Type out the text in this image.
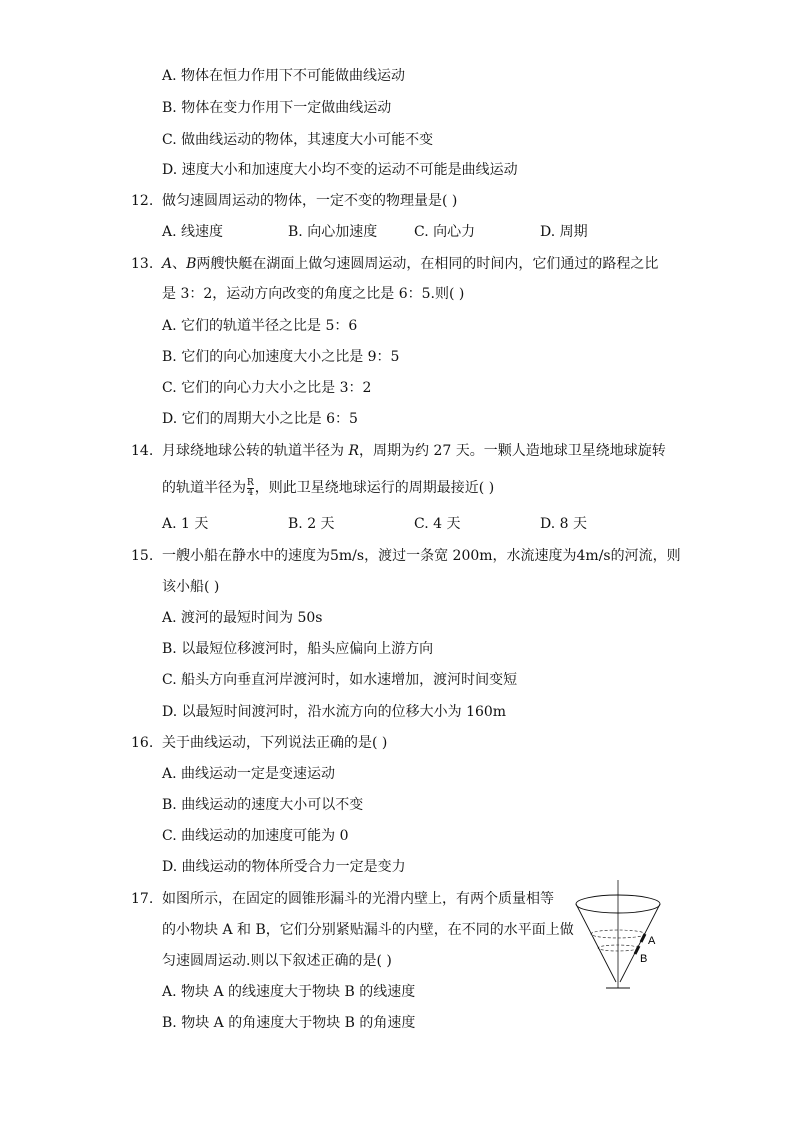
A. 物体在恒力作用下不可能做曲线运动
B. 物体在变力作用下一定做曲线运动
C. 做曲线运动的物体，其速度大小可能不变
D. 速度大小和加速度大小均不变的运动不可能是曲线运动
12. 做匀速圆周运动的物体，一定不变的物理量是( )
A. 线速度	B. 向心加速度	C. 向心力	D. 周期
13. A、B两艘快艇在湖面上做匀速圆周运动，在相同的时间内，它们通过的路程之比
是 3：2，运动方向改变的角度之比是 6：5.则( )
A. 它们的轨道半径之比是 5：6
B. 它们的向心加速度大小之比是 9：5
C. 它们的向心力大小之比是 3：2
D. 它们的周期大小之比是 6：5
14. 月球绕地球公转的轨道半径为 R，周期为约 27 天。一颗人造地球卫星绕地球旋转
的轨道半径为 $\frac{R}{4}$ ，则此卫星绕地球运行的周期最接近( )
A. 1 天	B. 2 天	C. 4 天	D. 8 天
15. 一艘小船在静水中的速度为5m/s，渡过一条宽 200m，水流速度为4m/s的河流，则
该小船( )
A. 渡河的最短时间为 50s
B. 以最短位移渡河时，船头应偏向上游方向
C. 船头方向垂直河岸渡河时，如水速增加，渡河时间变短
D. 以最短时间渡河时，沿水流方向的位移大小为 160m
16. 关于曲线运动，下列说法正确的是( )
A. 曲线运动一定是变速运动
B. 曲线运动的速度大小可以不变
C. 曲线运动的加速度可能为 0
D. 曲线运动的物体所受合力一定是变力
17. 如图所示，在固定的圆锥形漏斗的光滑内壁上，有两个质量相等
的小物块 A 和 B，它们分别紧贴漏斗的内壁，在不同的水平面上做
匀速圆周运动.则以下叙述正确的是( )
A. 物块 A 的线速度大于物块 B 的线速度
B. 物块 A 的角速度大于物块 B 的角速度
A
B
